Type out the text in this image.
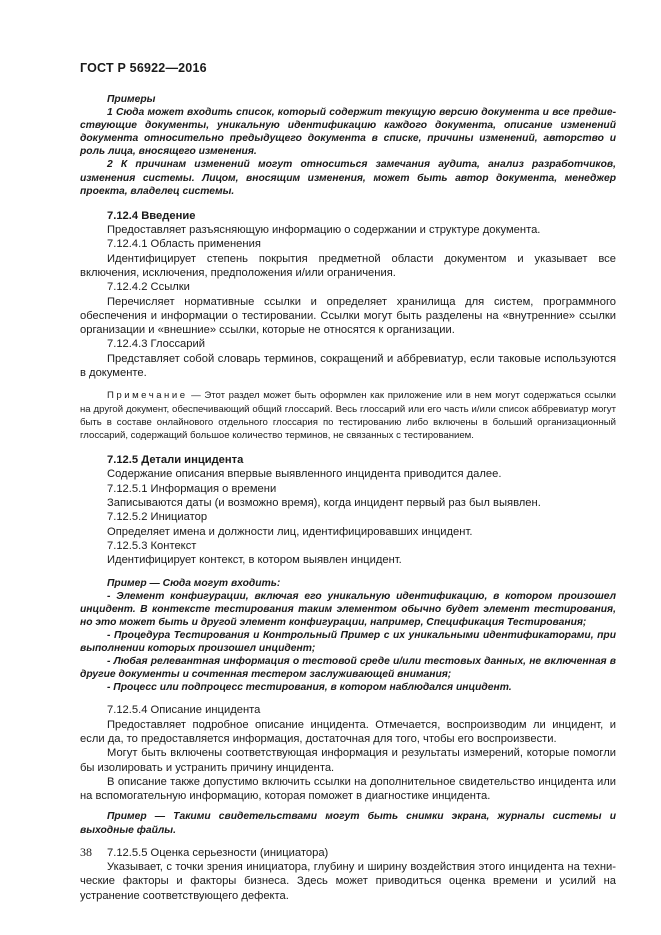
ГОСТ Р 56922—2016

Примеры

1 Сюда может входить список, который содержит текущую версию документа и все предшествующие документы, уникальную идентификацию каждого документа, описание изменений документа относительно предыдущего документа в списке, причины изменений, авторство и роль лица, вносящего изменения.

2 К причинам изменений могут относиться замечания аудита, анализ разработчиков, изменения системы. Лицом, вносящим изменения, может быть автор документа, менеджер проекта, владелец системы.

7.12.4 Введение

Предоставляет разъясняющую информацию о содержании и структуре документа.

7.12.4.1 Область применения

Идентифицирует степень покрытия предметной области документом и указывает все включения, исключения, предположения и/или ограничения.

7.12.4.2 Ссылки

Перечисляет нормативные ссылки и определяет хранилища для систем, программного обеспечения и информации о тестировании. Ссылки могут быть разделены на «внутренние» ссылки организации и «внешние» ссылки, которые не относятся к организации.

7.12.4.3 Глоссарий

Представляет собой словарь терминов, сокращений и аббревиатур, если таковые используются в документе.

Примечание — Этот раздел может быть оформлен как приложение или в нем могут содержаться ссылки на другой документ, обеспечивающий общий глоссарий. Весь глоссарий или его часть и/или список аббревиатур могут быть в составе онлайнового отдельного глоссария по тестированию либо включены в больший организационный глоссарий, содержащий большое количество терминов, не связанных с тестированием.

7.12.5 Детали инцидента

Содержание описания впервые выявленного инцидента приводится далее.

7.12.5.1 Информация о времени

Записываются даты (и возможно время), когда инцидент первый раз был выявлен.

7.12.5.2 Инициатор

Определяет имена и должности лиц, идентифицировавших инцидент.

7.12.5.3 Контекст

Идентифицирует контекст, в котором выявлен инцидент.

Пример — Сюда могут входить:

- Элемент конфигурации, включая его уникальную идентификацию, в котором произошел инцидент. В контексте тестирования таким элементом обычно будет элемент тестирования, но это может быть и другой элемент конфигурации, например, Спецификация Тестирования;

- Процедура Тестирования и Контрольный Пример с их уникальными идентификаторами, при выполнении которых произошел инцидент;

- Любая релевантная информация о тестовой среде и/или тестовых данных, не включенная в другие документы и сочтенная тестером заслуживающей внимания;

- Процесс или подпроцесс тестирования, в котором наблюдался инцидент.

7.12.5.4 Описание инцидента

Предоставляет подробное описание инцидента. Отмечается, воспроизводим ли инцидент, и если да, то предоставляется информация, достаточная для того, чтобы его воспроизвести.

Могут быть включены соответствующая информация и результаты измерений, которые помогли бы изолировать и устранить причину инцидента.

В описание также допустимо включить ссылки на дополнительное свидетельство инцидента или на вспомогательную информацию, которая поможет в диагностике инцидента.

Пример — Такими свидетельствами могут быть снимки экрана, журналы системы и выходные файлы.

7.12.5.5 Оценка серьезности (инициатора)

Указывает, с точки зрения инициатора, глубину и ширину воздействия этого инцидента на технические факторы и факторы бизнеса. Здесь может приводиться оценка времени и усилий на устранение соответствующего дефекта.

38
